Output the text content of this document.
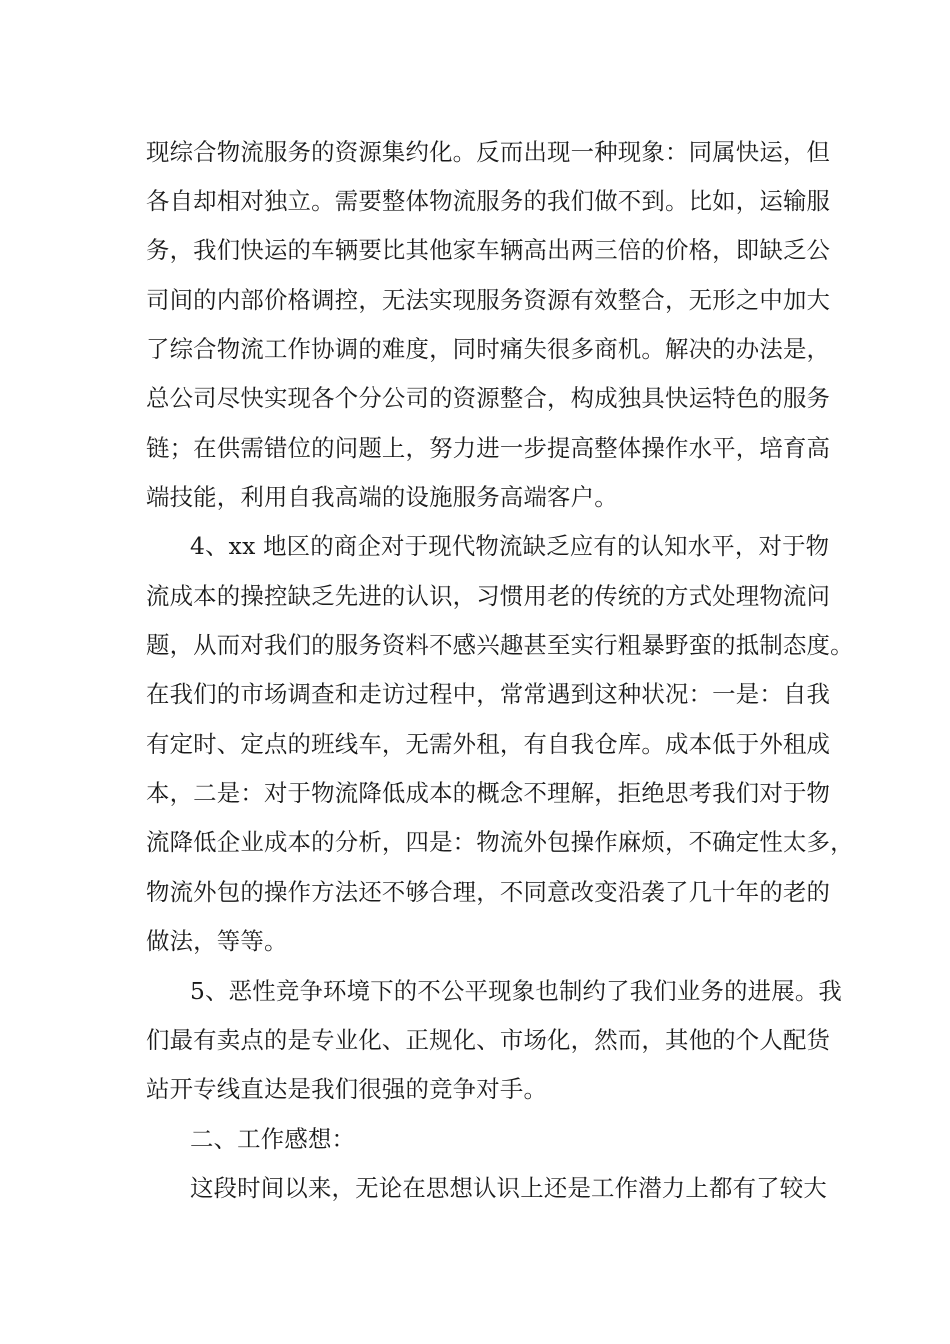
现综合物流服务的资源集约化。反而出现一种现象：同属快运，但
各自却相对独立。需要整体物流服务的我们做不到。比如，运输服
务，我们快运的车辆要比其他家车辆高出两三倍的价格，即缺乏公
司间的内部价格调控，无法实现服务资源有效整合，无形之中加大
了综合物流工作协调的难度，同时痛失很多商机。解决的办法是，
总公司尽快实现各个分公司的资源整合，构成独具快运特色的服务
链；在供需错位的问题上，努力进一步提高整体操作水平，培育高
端技能，利用自我高端的设施服务高端客户。
4、xx 地区的商企对于现代物流缺乏应有的认知水平，对于物
流成本的操控缺乏先进的认识，习惯用老的传统的方式处理物流问
题，从而对我们的服务资料不感兴趣甚至实行粗暴野蛮的抵制态度。
在我们的市场调查和走访过程中，常常遇到这种状况：一是：自我
有定时、定点的班线车，无需外租，有自我仓库。成本低于外租成
本，二是：对于物流降低成本的概念不理解，拒绝思考我们对于物
流降低企业成本的分析，四是：物流外包操作麻烦，不确定性太多，
物流外包的操作方法还不够合理，不同意改变沿袭了几十年的老的
做法，等等。
5、恶性竞争环境下的不公平现象也制约了我们业务的进展。我
们最有卖点的是专业化、正规化、市场化，然而，其他的个人配货
站开专线直达是我们很强的竞争对手。
二、工作感想：
这段时间以来，无论在思想认识上还是工作潜力上都有了较大
